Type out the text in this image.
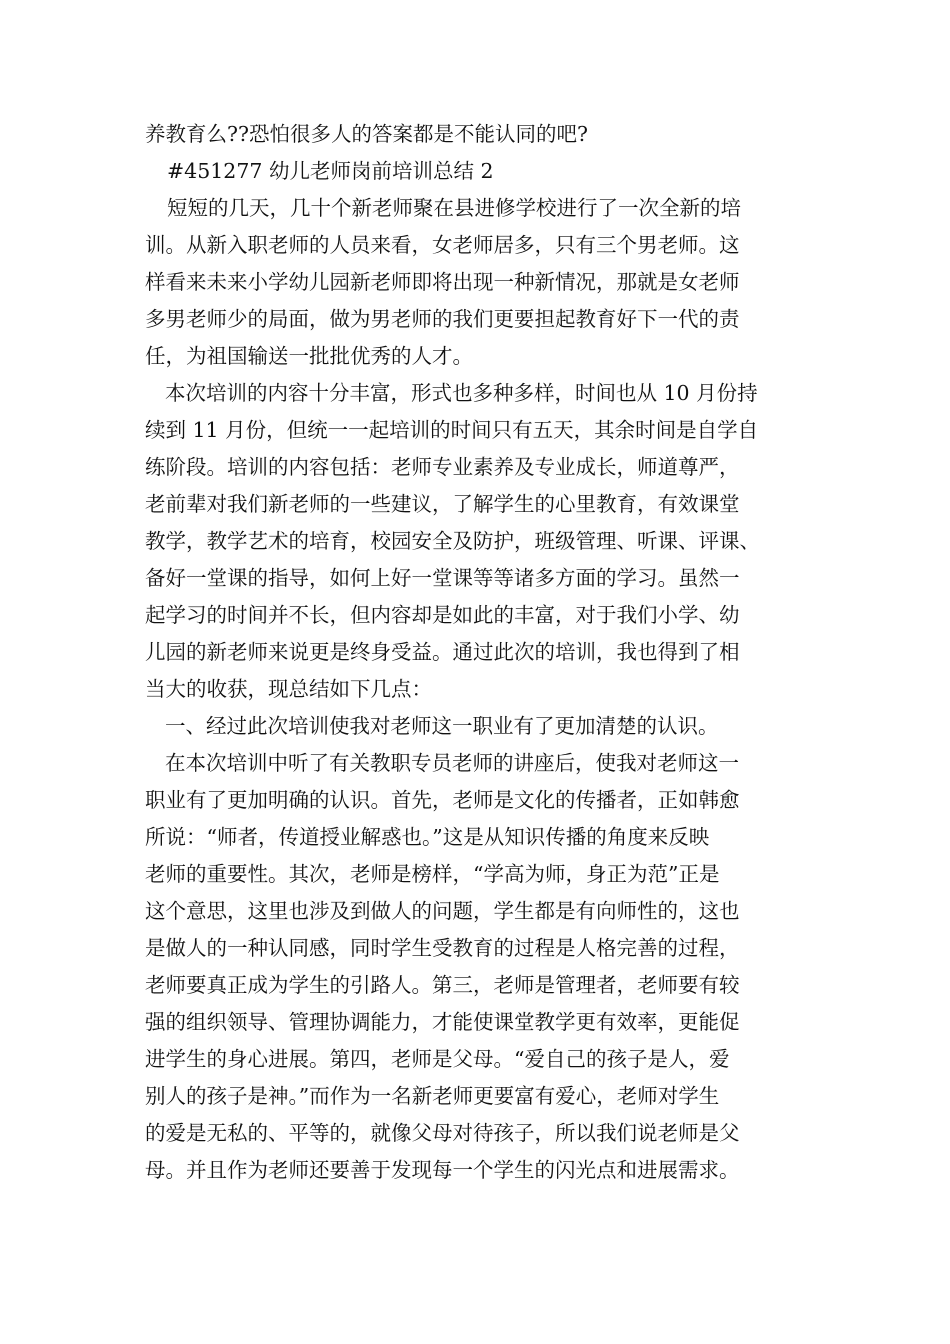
养教育么??恐怕很多人的答案都是不能认同的吧?
#451277 幼儿老师岗前培训总结 2
短短的几天，几十个新老师聚在县进修学校进行了一次全新的培
训。从新入职老师的人员来看，女老师居多，只有三个男老师。这
样看来未来小学幼儿园新老师即将出现一种新情况，那就是女老师
多男老师少的局面，做为男老师的我们更要担起教育好下一代的责
任，为祖国输送一批批优秀的人才。
本次培训的内容十分丰富，形式也多种多样，时间也从 10 月份持
续到 11 月份，但统一一起培训的时间只有五天，其余时间是自学自
练阶段。培训的内容包括：老师专业素养及专业成长，师道尊严，
老前辈对我们新老师的一些建议，了解学生的心里教育，有效课堂
教学，教学艺术的培育，校园安全及防护，班级管理、听课、评课、
备好一堂课的指导，如何上好一堂课等等诸多方面的学习。虽然一
起学习的时间并不长，但内容却是如此的丰富，对于我们小学、幼
儿园的新老师来说更是终身受益。通过此次的培训，我也得到了相
当大的收获，现总结如下几点：
一、经过此次培训使我对老师这一职业有了更加清楚的认识。
在本次培训中听了有关教职专员老师的讲座后，使我对老师这一
职业有了更加明确的认识。首先，老师是文化的传播者，正如韩愈
所说：“师者，传道授业解惑也。”这是从知识传播的角度来反映
老师的重要性。其次，老师是榜样，“学高为师，身正为范”正是
这个意思，这里也涉及到做人的问题，学生都是有向师性的，这也
是做人的一种认同感，同时学生受教育的过程是人格完善的过程，
老师要真正成为学生的引路人。第三，老师是管理者，老师要有较
强的组织领导、管理协调能力，才能使课堂教学更有效率，更能促
进学生的身心进展。第四，老师是父母。“爱自己的孩子是人，爱
别人的孩子是神。”而作为一名新老师更要富有爱心，老师对学生
的爱是无私的、平等的，就像父母对待孩子，所以我们说老师是父
母。并且作为老师还要善于发现每一个学生的闪光点和进展需求。
